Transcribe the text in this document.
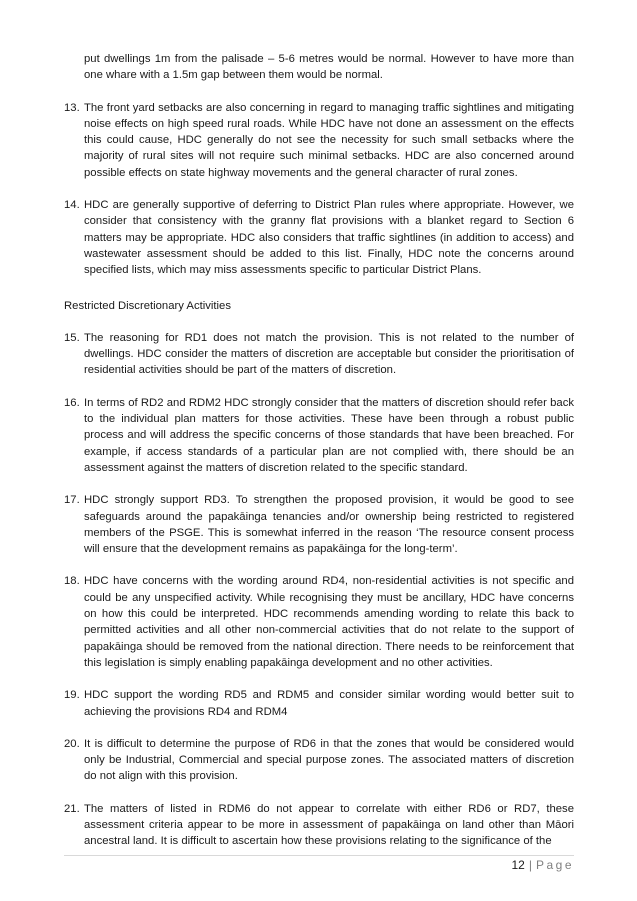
put dwellings 1m from the palisade – 5-6 metres would be normal. However to have more than one whare with a 1.5m gap between them would be normal.

13. The front yard setbacks are also concerning in regard to managing traffic sightlines and mitigating noise effects on high speed rural roads. While HDC have not done an assessment on the effects this could cause, HDC generally do not see the necessity for such small setbacks where the majority of rural sites will not require such minimal setbacks. HDC are also concerned around possible effects on state highway movements and the general character of rural zones.
14. HDC are generally supportive of deferring to District Plan rules where appropriate. However, we consider that consistency with the granny flat provisions with a blanket regard to Section 6 matters may be appropriate. HDC also considers that traffic sightlines (in addition to access) and wastewater assessment should be added to this list. Finally, HDC note the concerns around specified lists, which may miss assessments specific to particular District Plans.
Restricted Discretionary Activities
15. The reasoning for RD1 does not match the provision. This is not related to the number of dwellings. HDC consider the matters of discretion are acceptable but consider the prioritisation of residential activities should be part of the matters of discretion.
16. In terms of RD2 and RDM2 HDC strongly consider that the matters of discretion should refer back to the individual plan matters for those activities. These have been through a robust public process and will address the specific concerns of those standards that have been breached. For example, if access standards of a particular plan are not complied with, there should be an assessment against the matters of discretion related to the specific standard.
17. HDC strongly support RD3. To strengthen the proposed provision, it would be good to see safeguards around the papakāinga tenancies and/or ownership being restricted to registered members of the PSGE. This is somewhat inferred in the reason ‘The resource consent process will ensure that the development remains as papakāinga for the long-term’.
18. HDC have concerns with the wording around RD4, non-residential activities is not specific and could be any unspecified activity. While recognising they must be ancillary, HDC have concerns on how this could be interpreted. HDC recommends amending wording to relate this back to permitted activities and all other non-commercial activities that do not relate to the support of papakāinga should be removed from the national direction. There needs to be reinforcement that this legislation is simply enabling papakāinga development and no other activities.
19. HDC support the wording RD5 and RDM5 and consider similar wording would better suit to achieving the provisions RD4 and RDM4
20. It is difficult to determine the purpose of RD6 in that the zones that would be considered would only be Industrial, Commercial and special purpose zones. The associated matters of discretion do not align with this provision.
21. The matters of listed in RDM6 do not appear to correlate with either RD6 or RD7, these assessment criteria appear to be more in assessment of papakāinga on land other than Māori ancestral land. It is difficult to ascertain how these provisions relating to the significance of the
12 | Page
